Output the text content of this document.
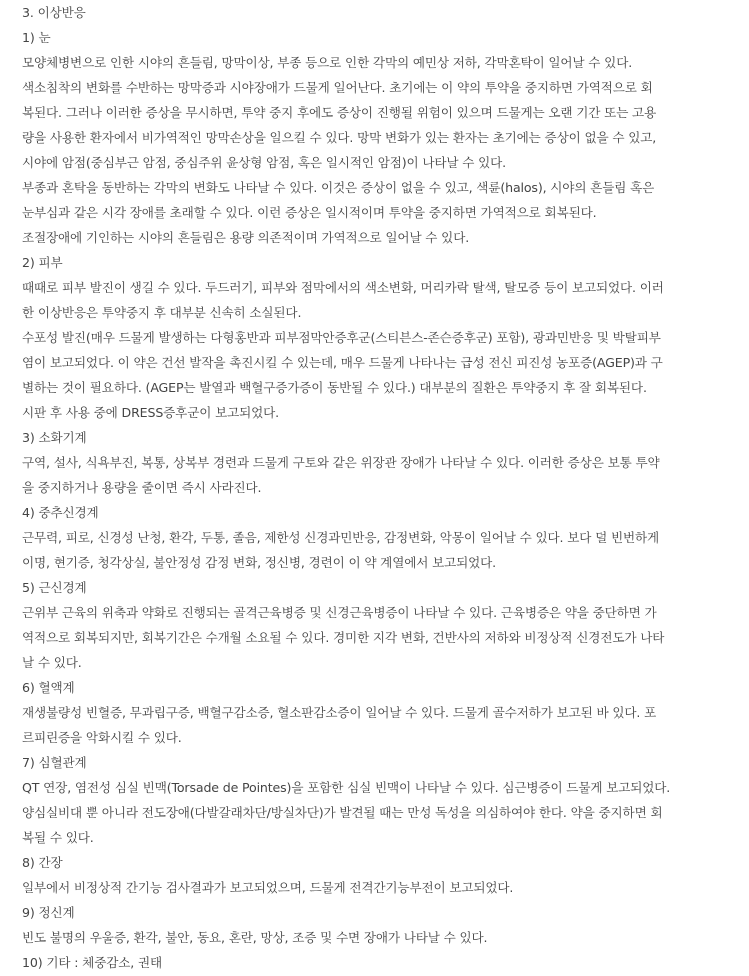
3. 이상반응
1) 눈
모양체병변으로 인한 시야의 흔들림, 망막이상, 부종 등으로 인한 각막의 예민상 저하, 각막혼탁이 일어날 수 있다.
색소침착의 변화를 수반하는 망막증과 시야장애가 드물게 일어난다. 초기에는 이 약의 투약을 중지하면 가역적으로 회
복된다. 그러나 이러한 증상을 무시하면, 투약 중지 후에도 증상이 진행될 위험이 있으며 드물게는 오랜 기간 또는 고용
량을 사용한 환자에서 비가역적인 망막손상을 일으킬 수 있다. 망막 변화가 있는 환자는 초기에는 증상이 없을 수 있고,
시야에 암점(중심부근 암점, 중심주위 윤상형 암점, 혹은 일시적인 암점)이 나타날 수 있다.
부종과 혼탁을 동반하는 각막의 변화도 나타날 수 있다. 이것은 증상이 없을 수 있고, 색륜(halos), 시야의 흔들림 혹은
눈부심과 같은 시각 장애를 초래할 수 있다. 이런 증상은 일시적이며 투약을 중지하면 가역적으로 회복된다.
조절장애에 기인하는 시야의 흔들림은 용량 의존적이며 가역적으로 일어날 수 있다.
2) 피부
때때로 피부 발진이 생길 수 있다. 두드러기, 피부와 점막에서의 색소변화, 머리카락 탈색, 탈모증 등이 보고되었다. 이러
한 이상반응은 투약중지 후 대부분 신속히 소실된다.
수포성 발진(매우 드물게 발생하는 다형홍반과 피부점막안증후군(스티븐스-존슨증후군) 포함), 광과민반응 및 박탈피부
염이 보고되었다. 이 약은 건선 발작을 촉진시킬 수 있는데, 매우 드물게 나타나는 급성 전신 피진성 농포증(AGEP)과 구
별하는 것이 필요하다. (AGEP는 발열과 백혈구증가증이 동반될 수 있다.) 대부분의 질환은 투약중지 후 잘 회복된다.
시판 후 사용 중에 DRESS증후군이 보고되었다.
3) 소화기계
구역, 설사, 식욕부진, 복통, 상복부 경련과 드물게 구토와 같은 위장관 장애가 나타날 수 있다. 이러한 증상은 보통 투약
을 중지하거나 용량을 줄이면 즉시 사라진다.
4) 중추신경계
근무력, 피로, 신경성 난청, 환각, 두통, 졸음, 제한성 신경과민반응, 감정변화, 악몽이 일어날 수 있다. 보다 덜 빈번하게
이명, 현기증, 청각상실, 불안정성 감정 변화, 정신병, 경련이 이 약 계열에서 보고되었다.
5) 근신경계
근위부 근육의 위축과 약화로 진행되는 골격근육병증 및 신경근육병증이 나타날 수 있다. 근육병증은 약을 중단하면 가
역적으로 회복되지만, 회복기간은 수개월 소요될 수 있다. 경미한 지각 변화, 건반사의 저하와 비정상적 신경전도가 나타
날 수 있다.
6) 혈액계
재생불량성 빈혈증, 무과립구증, 백혈구감소증, 혈소판감소증이 일어날 수 있다. 드물게 골수저하가 보고된 바 있다. 포
르피린증을 악화시킬 수 있다.
7) 심혈관계
QT 연장, 염전성 심실 빈맥(Torsade de Pointes)을 포함한 심실 빈맥이 나타날 수 있다. 심근병증이 드물게 보고되었다.
양심실비대 뿐 아니라 전도장애(다발갈래차단/방실차단)가 발견될 때는 만성 독성을 의심하여야 한다. 약을 중지하면 회
복될 수 있다.
8) 간장
일부에서 비정상적 간기능 검사결과가 보고되었으며, 드물게 전격간기능부전이 보고되었다.
9) 정신계
빈도 불명의 우울증, 환각, 불안, 동요, 혼란, 망상, 조증 및 수면 장애가 나타날 수 있다.
10) 기타 : 체중감소, 권태
